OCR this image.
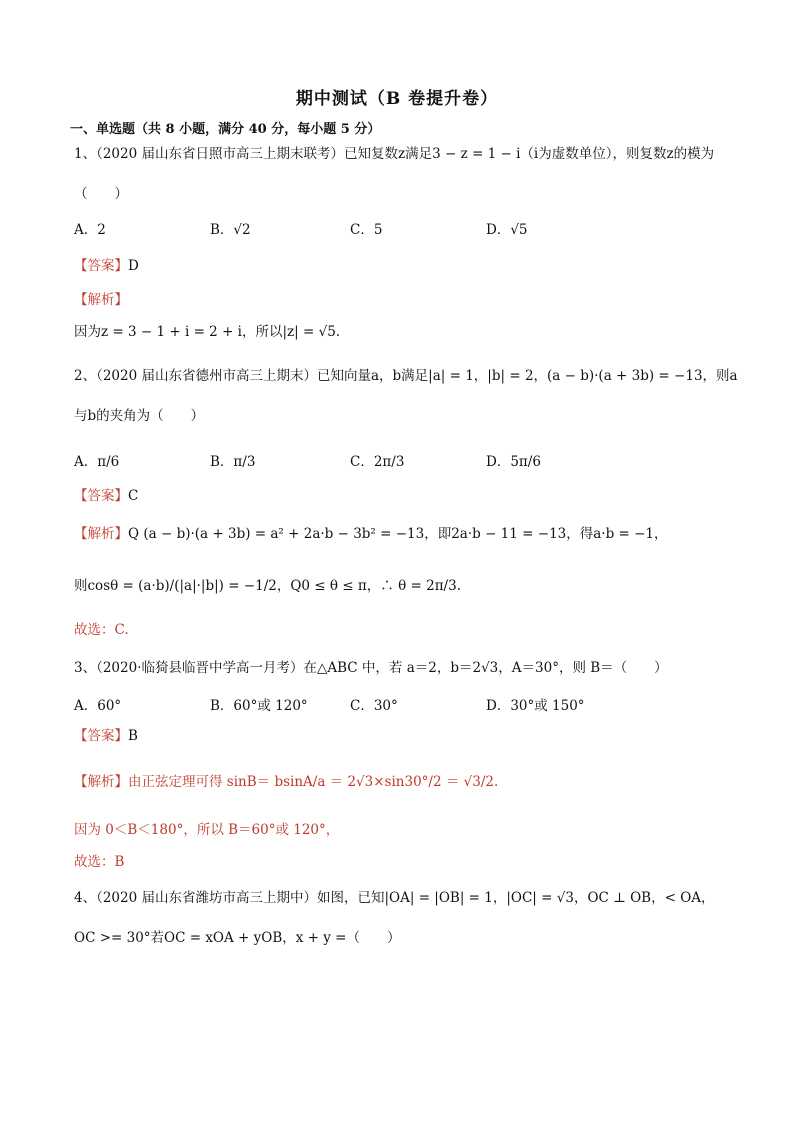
期中测试（B 卷提升卷）
一、单选题（共 8 小题，满分 40 分，每小题 5 分）
1、（2020 届山东省日照市高三上期末联考）已知复数z满足3 − z = 1 − i（i为虚数单位），则复数z的模为
（　　）
A．2	B．√2	C．5	D．√5
【答案】D
【解析】
因为z = 3 − 1 + i = 2 + i，所以|z| = √5.
2、（2020 届山东省德州市高三上期末）已知向量a，b满足|a| = 1，|b| = 2，(a − b)·(a + 3b) = −13，则a
与b的夹角为（　　）
A．π/6	B．π/3	C．2π/3	D．5π/6
【答案】C
【解析】Q (a − b)·(a + 3b) = a² + 2a·b − 3b² = −13，即2a·b − 11 = −13，得a·b = −1，
则cosθ = (a·b)/(|a|·|b|) = −1/2，Q0 ≤ θ ≤ π，∴ θ = 2π/3.
故选：C.
3、（2020·临猗县临晋中学高一月考）在△ABC 中，若 a＝2，b＝2√3，A＝30°，则 B＝（　　）
A．60°	B．60°或 120°	C．30°	D．30°或 150°
【答案】B
【解析】由正弦定理可得 sinB＝ bsinA/a ＝ 2√3×sin30°/2 ＝ √3/2.
因为 0＜B＜180°，所以 B＝60°或 120°，
故选：B
4、（2020 届山东省潍坊市高三上期中）如图，已知|OA| = |OB| = 1，|OC| = √3，OC ⊥ OB，< OA，
OC >= 30°若OC = xOA + yOB，x + y =（　　）
